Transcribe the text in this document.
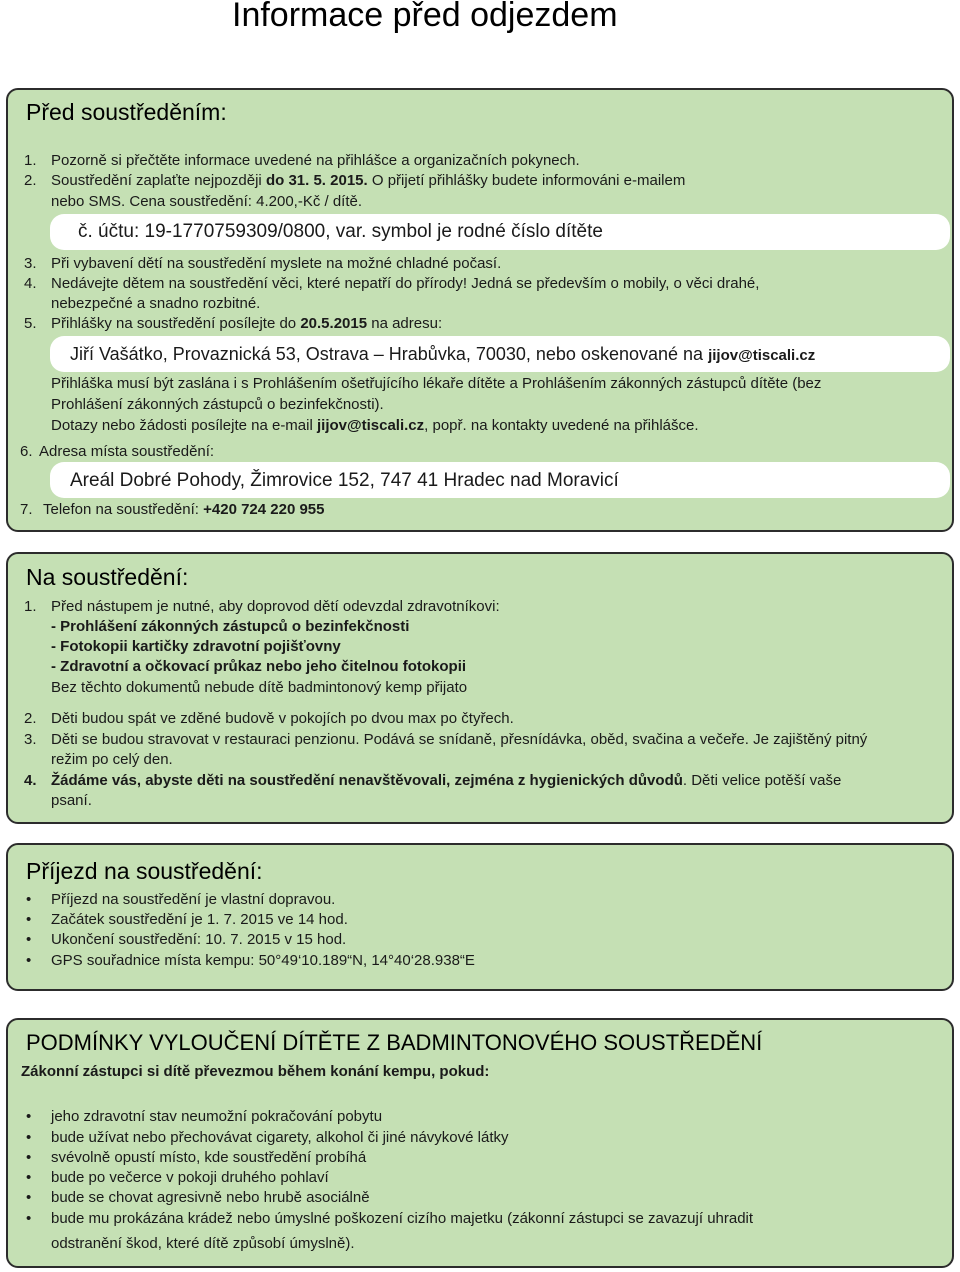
Informace před odjezdem
Před soustředěním:
1. Pozorně si přečtěte informace uvedené na přihlášce a organizačních pokynech.
2. Soustředění zaplaťte nejpozději do 31. 5. 2015. O přijetí přihlášky budete informováni e-mailem
nebo SMS. Cena soustředění: 4.200,-Kč / dítě.
č. účtu: 19-1770759309/0800, var. symbol je rodné číslo dítěte
3. Při vybavení dětí na soustředění myslete na možné chladné počasí.
4. Nedávejte dětem na soustředění věci, které nepatří do přírody! Jedná se především o mobily, o věci drahé,
nebezpečné a snadno rozbitné.
5. Přihlášky na soustředění posílejte do 20.5.2015 na adresu:
Jiří Vašátko, Provaznická 53, Ostrava – Hrabůvka, 70030, nebo oskenované na jijov@tiscali.cz
Přihláška musí být zaslána i s Prohlášením ošetřujícího lékaře dítěte a Prohlášením zákonných zástupců dítěte (bez
Prohlášení zákonných zástupců o bezinfekčnosti).
Dotazy nebo žádosti posílejte na e-mail jijov@tiscali.cz, popř. na kontakty uvedené na přihlášce.
6. Adresa místa soustředění:
Areál Dobré Pohody, Žimrovice 152, 747 41 Hradec nad Moravicí
7. Telefon na soustředění: +420 724 220 955
Na soustředění:
1. Před nástupem je nutné, aby doprovod dětí odevzdal zdravotníkovi:
- Prohlášení zákonných zástupců o bezinfekčnosti
- Fotokopii kartičky zdravotní pojišťovny
- Zdravotní a očkovací průkaz nebo jeho čitelnou fotokopii
Bez těchto dokumentů nebude dítě badmintonový kemp přijato
2. Děti budou spát ve zděné budově v pokojích po dvou max po čtyřech.
3. Děti se budou stravovat v restauraci penzionu. Podává se snídaně, přesnídávka, oběd, svačina a večeře. Je zajištěný pitný
režim po celý den.
4. Žádáme vás, abyste děti na soustředění nenavštěvovali, zejména z hygienických důvodů. Děti velice potěší vaše
psaní.
Příjezd na soustředění:
• Příjezd na soustředění je vlastní dopravou.
• Začátek soustředění je 1. 7. 2015 ve 14 hod.
• Ukončení soustředění: 10. 7. 2015 v 15 hod.
• GPS souřadnice místa kempu: 50°49‘10.189“N, 14°40‘28.938“E
PODMÍNKY VYLOUČENÍ DÍTĚTE Z BADMINTONOVÉHO SOUSTŘEDĚNÍ
Zákonní zástupci si dítě převezmou během konání kempu, pokud:
• jeho zdravotní stav neumožní pokračování pobytu
• bude užívat nebo přechovávat cigarety, alkohol či jiné návykové látky
• svévolně opustí místo, kde soustředění probíhá
• bude po večerce v pokoji druhého pohlaví
• bude se chovat agresivně nebo hrubě asociálně
• bude mu prokázána krádež nebo úmyslné poškození cizího majetku (zákonní zástupci se zavazují uhradit
odstranění škod, které dítě způsobí úmyslně).
